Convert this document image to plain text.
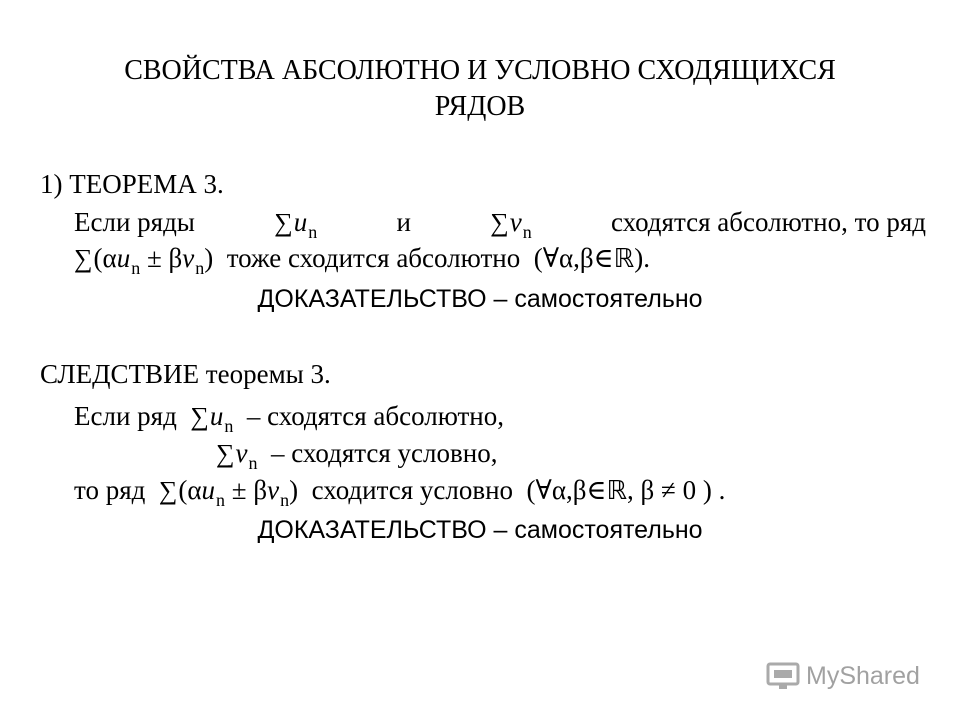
СВОЙСТВА АБСОЛЮТНО И УСЛОВНО СХОДЯЩИХСЯ
РЯДОВ
1) ТЕОРЕМА 3.
Если ряды	$\sum u_n$	и	$\sum v_n$	сходятся абсолютно, то ряд
$\sum(\alpha u_n \pm \beta v_n)$ тоже сходится абсолютно (∀α,β∈ℝ).
ДОКАЗАТЕЛЬСТВО – самостоятельно
СЛЕДСТВИЕ теоремы 3.
Если ряд $\sum u_n$ – сходятся абсолютно,
$\sum v_n$ – сходятся условно,
то ряд $\sum(\alpha u_n \pm \beta v_n)$ сходится условно (∀α,β∈ℝ, β ≠ 0 ) .
ДОКАЗАТЕЛЬСТВО – самостоятельно
MyShared
